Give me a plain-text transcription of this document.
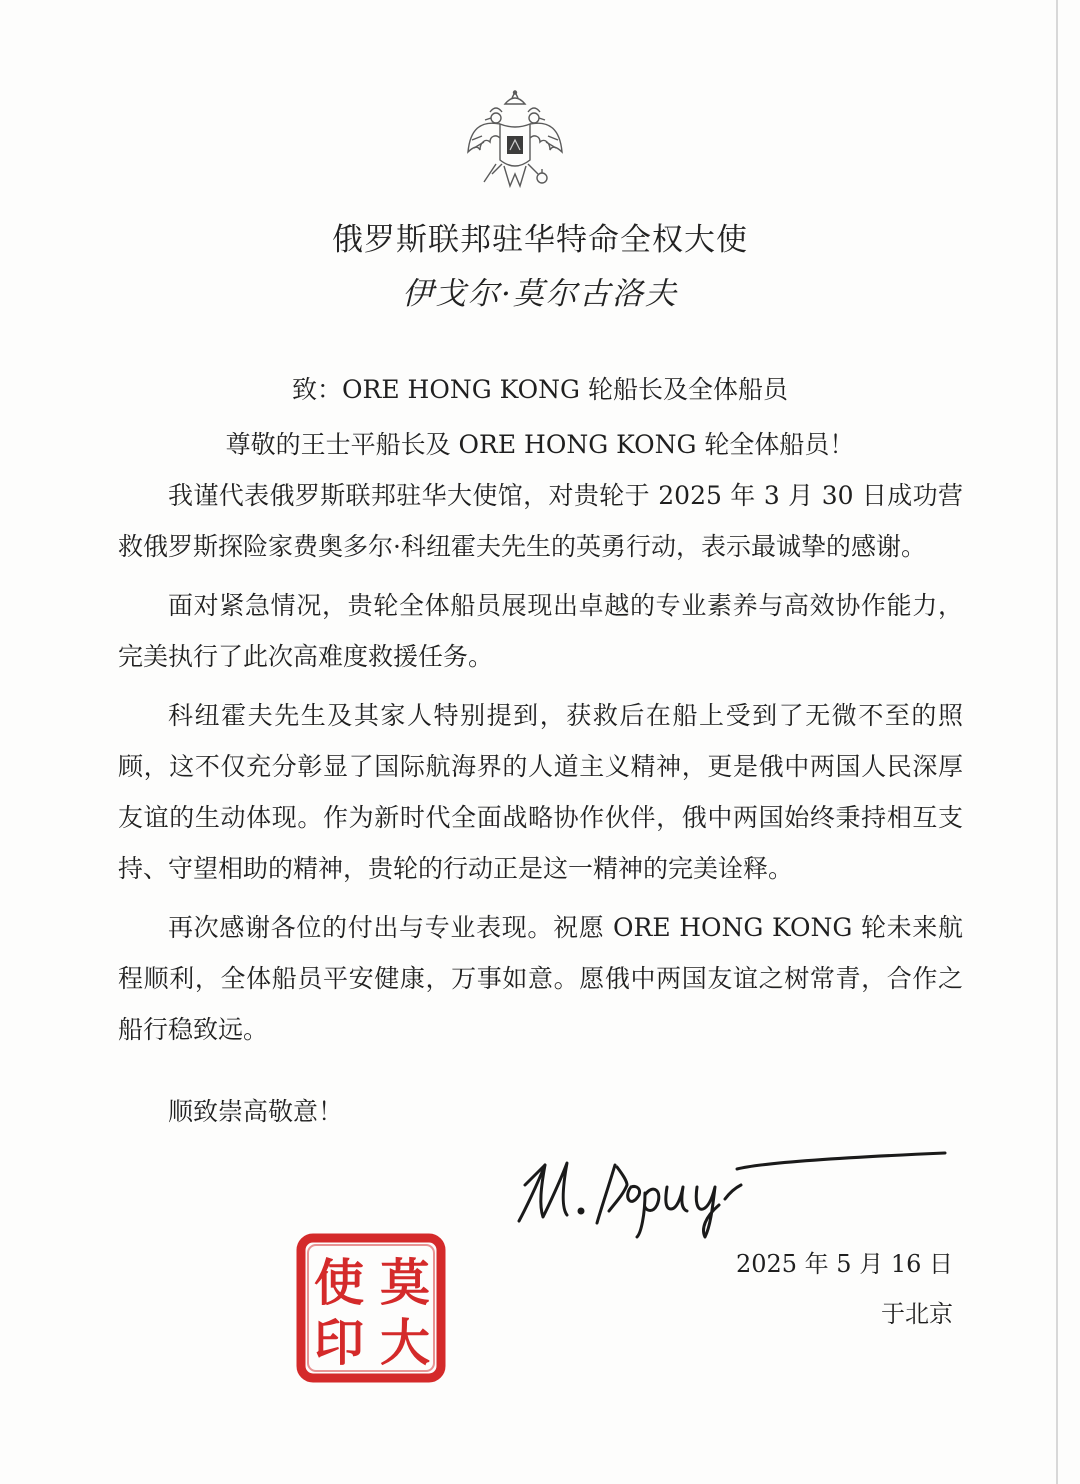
俄罗斯联邦驻华特命全权大使
伊戈尔·莫尔古洛夫
致：ORE HONG KONG 轮船长及全体船员
尊敬的王士平船长及 ORE HONG KONG 轮全体船员！

我谨代表俄罗斯联邦驻华大使馆，对贵轮于 2025 年 3 月 30 日成功营救俄罗斯探险家费奥多尔·科纽霍夫先生的英勇行动，表示最诚挚的感谢。

面对紧急情况，贵轮全体船员展现出卓越的专业素养与高效协作能力，完美执行了此次高难度救援任务。

科纽霍夫先生及其家人特别提到，获救后在船上受到了无微不至的照顾，这不仅充分彰显了国际航海界的人道主义精神，更是俄中两国人民深厚友谊的生动体现。作为新时代全面战略协作伙伴，俄中两国始终秉持相互支持、守望相助的精神，贵轮的行动正是这一精神的完美诠释。

再次感谢各位的付出与专业表现。祝愿 ORE HONG KONG 轮未来航程顺利，全体船员平安健康，万事如意。愿俄中两国友谊之树常青，合作之船行稳致远。

顺致崇高敬意！
2025 年 5 月 16 日
于北京
莫
大
使
印
